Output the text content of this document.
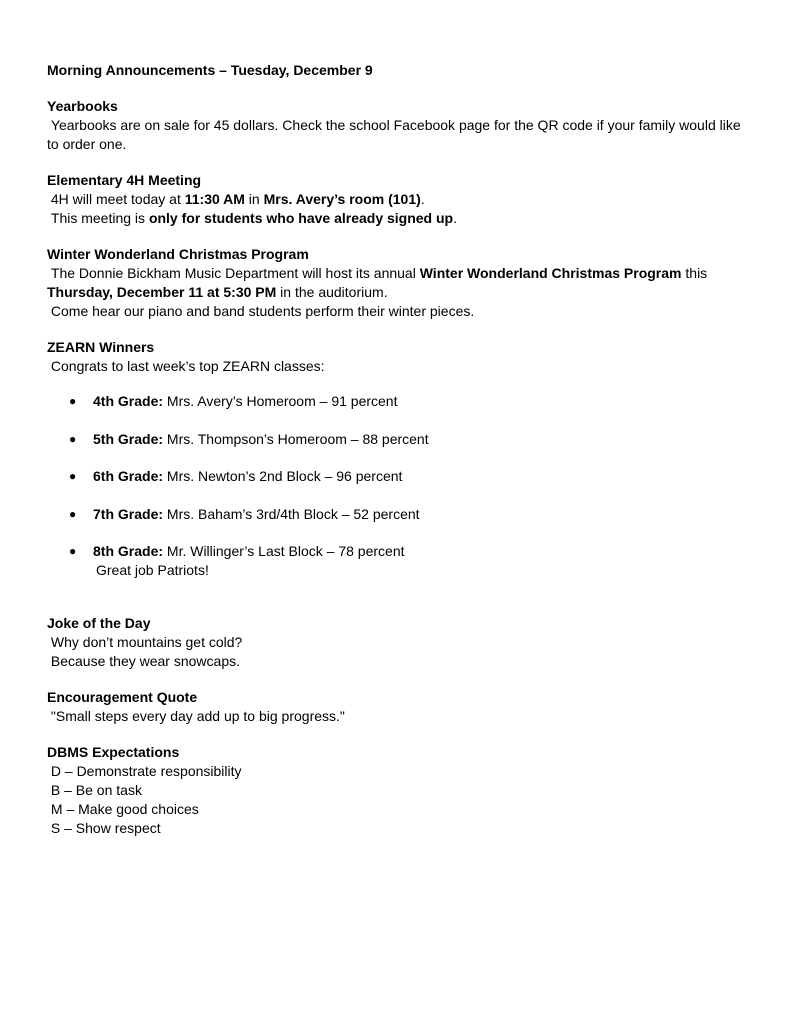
Morning Announcements – Tuesday, December 9
Yearbooks
Yearbooks are on sale for 45 dollars. Check the school Facebook page for the QR code if your family would like to order one.
Elementary 4H Meeting
4H will meet today at 11:30 AM in Mrs. Avery’s room (101).
This meeting is only for students who have already signed up.
Winter Wonderland Christmas Program
The Donnie Bickham Music Department will host its annual Winter Wonderland Christmas Program this
Thursday, December 11 at 5:30 PM in the auditorium.
Come hear our piano and band students perform their winter pieces.
ZEARN Winners
Congrats to last week’s top ZEARN classes:
● 4th Grade: Mrs. Avery’s Homeroom – 91 percent
● 5th Grade: Mrs. Thompson’s Homeroom – 88 percent
● 6th Grade: Mrs. Newton’s 2nd Block – 96 percent
● 7th Grade: Mrs. Baham’s 3rd/4th Block – 52 percent
● 8th Grade: Mr. Willinger’s Last Block – 78 percent
Great job Patriots!
Joke of the Day
Why don’t mountains get cold?
Because they wear snowcaps.
Encouragement Quote
"Small steps every day add up to big progress."
DBMS Expectations
D – Demonstrate responsibility
B – Be on task
M – Make good choices
S – Show respect
